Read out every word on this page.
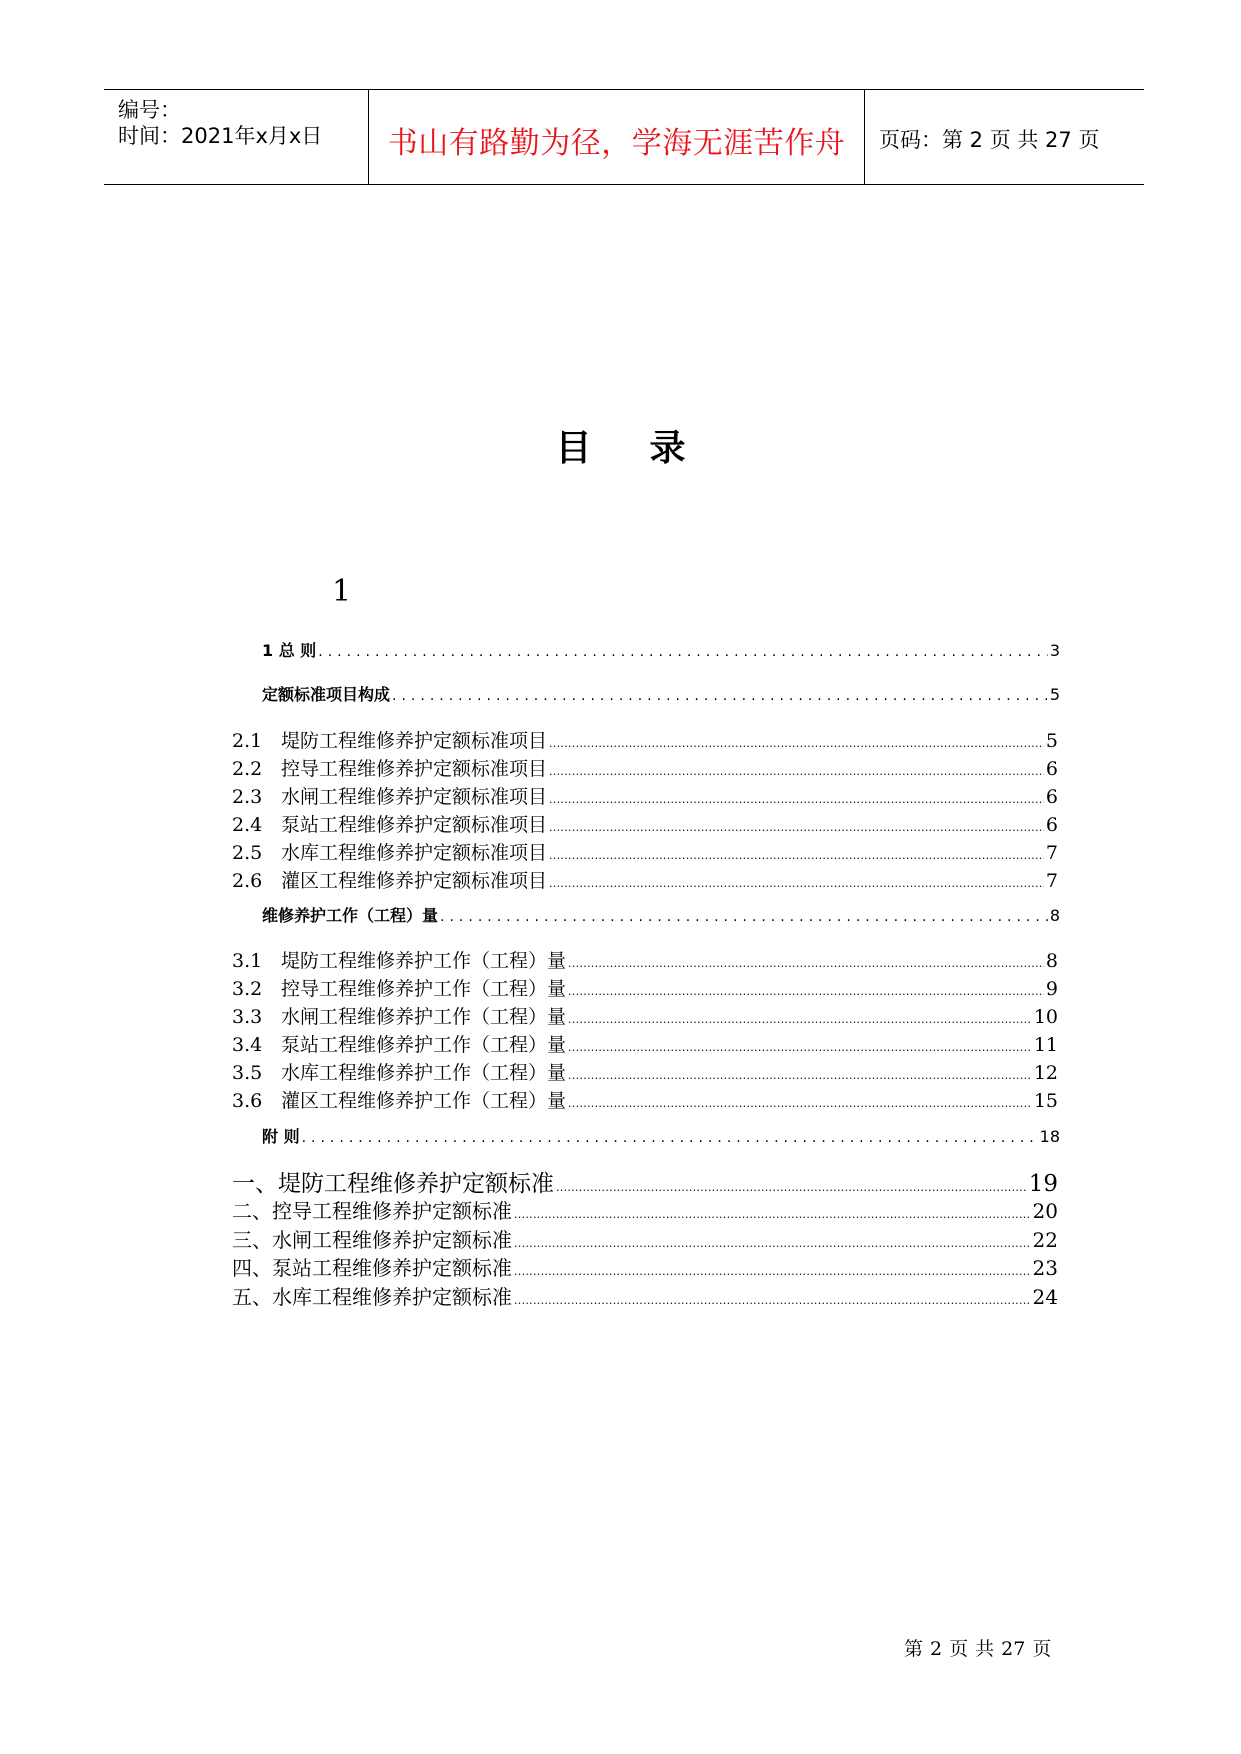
编号：
时间：2021年x月x日	书山有路勤为径，学海无涯苦作舟	页码：第 2 页 共 27 页
目录
1
1 总 则 .....	3
定额标准项目构成 .....	5
2.1 堤防工程维修养护定额标准项目 .....	5
2.2 控导工程维修养护定额标准项目 .....	6
2.3 水闸工程维修养护定额标准项目 .....	6
2.4 泵站工程维修养护定额标准项目 .....	6
2.5 水库工程维修养护定额标准项目 .....	7
2.6 灌区工程维修养护定额标准项目 .....	7
维修养护工作（工程）量 .....	8
3.1 堤防工程维修养护工作（工程）量 .....	8
3.2 控导工程维修养护工作（工程）量 .....	9
3.3 水闸工程维修养护工作（工程）量 .....	10
3.4 泵站工程维修养护工作（工程）量 .....	11
3.5 水库工程维修养护工作（工程）量 .....	12
3.6 灌区工程维修养护工作（工程）量 .....	15
附 则 .....	18
一、堤防工程维修养护定额标准 .....	19
二、控导工程维修养护定额标准 .....	20
三、水闸工程维修养护定额标准 .....	22
四、泵站工程维修养护定额标准 .....	23
五、水库工程维修养护定额标准 .....	24
第 2 页 共 27 页
